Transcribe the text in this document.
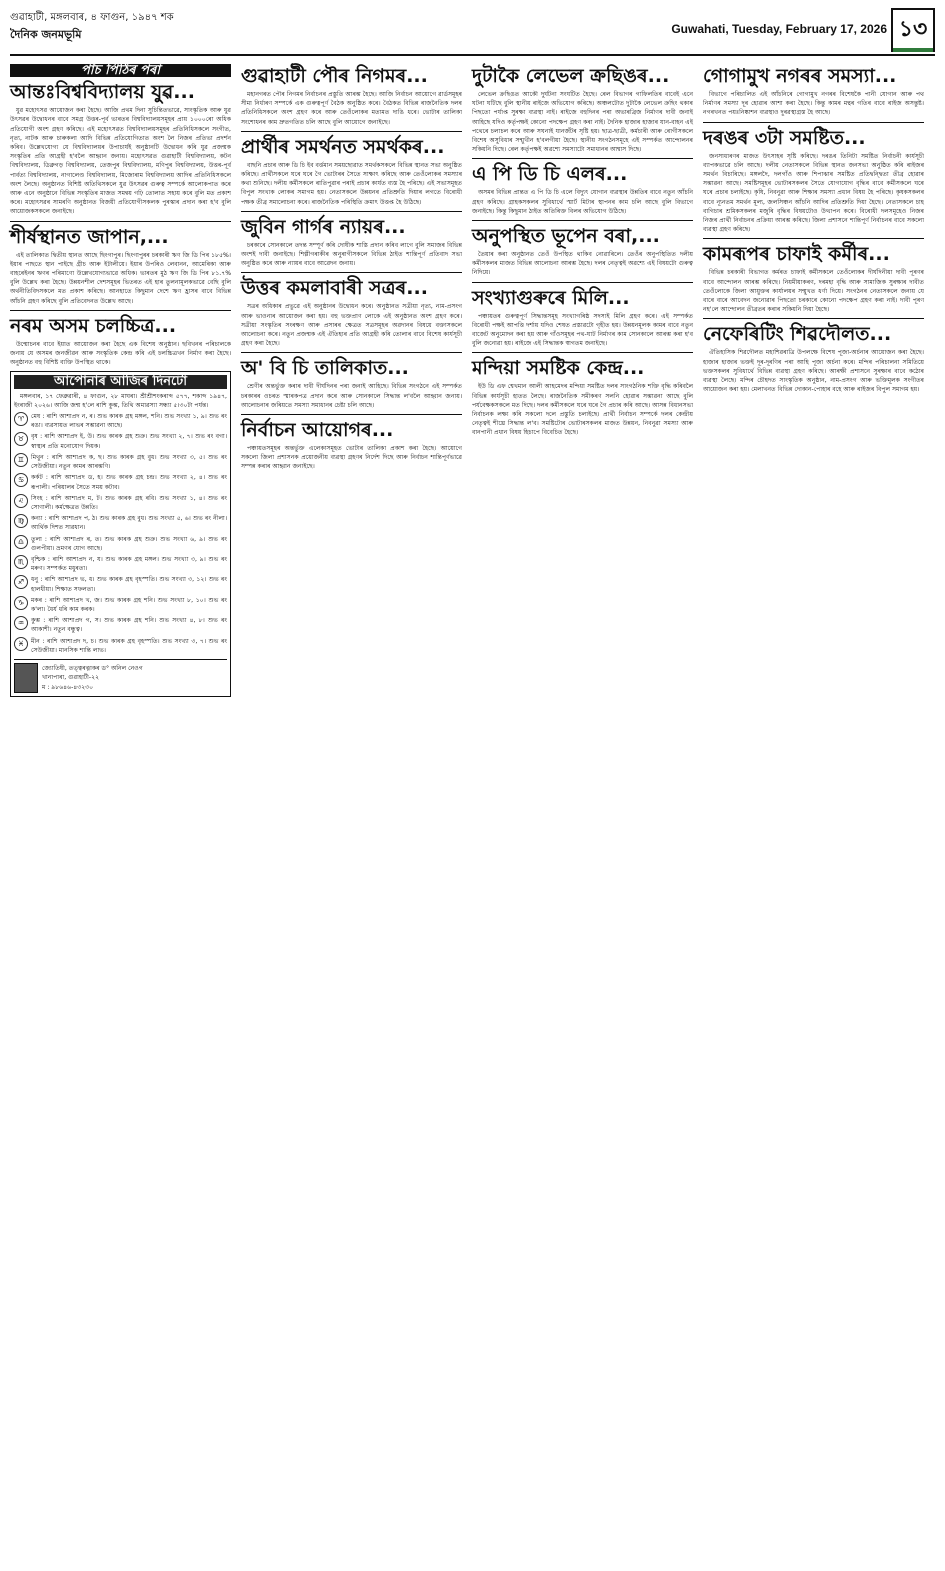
গুৱাহাটী, মঙ্গলবাৰ, ৪ ফাগুন, ১৯৪৭ শক
দৈনিক জনমভূমি	Guwahati, Tuesday, February 17, 2026 ১৩
পাঁচ পিঠিৰ পৰা
আন্তঃবিশ্ববিদ্যালয় যুৱ...

যুৱ মহোৎসৱ আয়োজন কৰা হৈছে। আজি প্ৰথম দিনা সুচিন্তিতভাৱে, সাংস্কৃতিক আৰু যুৱ উৎসৱৰ উদ্বোধনৰ বাবে সমগ্ৰ উত্তৰ-পূৰ্ব ভাৰতৰ বিশ্ববিদ্যালয়সমূহৰ প্ৰায় ১০০০ৰো অধিক প্ৰতিযোগী অংশ গ্ৰহণ কৰিছে। এই মহোৎসৱত বিশ্ববিদ্যালয়সমূহৰ প্ৰতিনিধিসকলে সংগীত, নৃত্য, নাটক আৰু চাৰুকলা আদি বিভিন্ন প্ৰতিযোগিতাত অংশ লৈ নিজৰ প্ৰতিভা প্ৰদৰ্শন কৰিব। উল্লেখযোগ্য যে বিশ্ববিদ্যালয়ৰ উপাচাৰ্যই অনুষ্ঠানটি উদ্বোধন কৰি যুৱ প্ৰজন্মক সংস্কৃতিৰ প্ৰতি আগ্ৰহী হ'বলৈ আহ্বান জনায়। মহোৎসৱত গুৱাহাটী বিশ্ববিদ্যালয়, কটন বিশ্ববিদ্যালয়, ডিব্ৰুগড় বিশ্ববিদ্যালয়, তেজপুৰ বিশ্ববিদ্যালয়, মণিপুৰ বিশ্ববিদ্যালয়, উত্তৰ-পূৰ্ব পাৰ্বত্য বিশ্ববিদ্যালয়, নাগালেণ্ড বিশ্ববিদ্যালয়, মিজোৰাম বিশ্ববিদ্যালয় আদিৰ প্ৰতিনিধিসকলে অংশ লৈছে। অনুষ্ঠানত বিশিষ্ট অতিথিসকলে যুৱ উৎসৱৰ গুৰুত্ব সম্পৰ্কে আলোকপাত কৰে আৰু এনে অনুষ্ঠানে বিভিন্ন সংস্কৃতিৰ মাজত সমন্বয় গঢ়ি তোলাত সহায় কৰে বুলি মত প্ৰকাশ কৰে। মহোৎসৱৰ সামৰণি অনুষ্ঠানত বিজয়ী প্ৰতিযোগীসকলক পুৰস্কাৰ প্ৰদান কৰা হ'ব বুলি আয়োজকসকলে জনাইছে।

শীৰ্ষস্থানত জাপান,...

এই তালিকাত দ্বিতীয় স্থানত আছে ছিংগাপুৰ। ছিংগাপুৰৰ চৰকাৰী ঋণ জি ডি পিৰ ১৮৫%। ইয়াৰ পাছতে স্থান পাইছে গ্ৰীচ আৰু ইটালীয়ে। ইয়াৰ উপৰিও লেবানন, আমেৰিকা আৰু বাহৰেইনৰ ঋণৰ পৰিমাণো উল্লেখযোগ্যভাৱে অধিক। ভাৰতৰ মুঠ ঋণ জি ডি পিৰ ৮১.৭% বুলি উল্লেখ কৰা হৈছে। উন্নয়নশীল দেশসমূহৰ ভিতৰত এই হাৰ তুলনামূলকভাৱে বেছি বুলি অৰ্থনীতিবিদসকলে মত প্ৰকাশ কৰিছে। আনহাতে কিছুমান দেশে ঋণ হ্ৰাসৰ বাবে বিভিন্ন আঁচনি গ্ৰহণ কৰিছে বুলি প্ৰতিবেদনত উল্লেখ আছে।

নৰম অসম চলচ্চিত্ৰ...

উন্মোচনৰ বাবে ইয়াত আয়োজন কৰা হৈছে এক বিশেষ অনুষ্ঠান। ছবিখনৰ পৰিচালকে জনায় যে অসমৰ জনজীৱন আৰু সংস্কৃতিক কেন্দ্ৰ কৰি এই চলচ্চিত্ৰখন নিৰ্মাণ কৰা হৈছে। অনুষ্ঠানত বহু বিশিষ্ট ব্যক্তি উপস্থিত থাকে।

আপোনাৰ আজিৰ দিনটো

মঙ্গলবাৰ, ১৭ ফেব্ৰুৱাৰী, ৪ ফাগুন, ২৮ মাঘৰা। শ্ৰীশ্ৰীশংকৰাব্দ ৫৭৭, শকাব্দ ১৯৪৭, ইংৰাজী ২০২৬। আজি জন্ম হ'লে ৰাশি কুম্ভ, তিথি অমাৱস্যা সন্ধ্যা ৫।৩০টা পৰ্যন্ত।

♈	মেষ : ৰাশি আশাপ্ৰদ ন, ৰ। শুভ কাৰক গ্ৰহ মঙ্গল, শনি। শুভ সংখ্যা ১, ৯। শুভ ৰং ৰঙা। ব্যৱসায়ত লাভৰ সম্ভাৱনা আছে।
♉	বৃষ : ৰাশি আশাপ্ৰদ ই, উ। শুভ কাৰক গ্ৰহ শুক্ৰ। শুভ সংখ্যা ২, ৭। শুভ ৰং বগা। স্বাস্থ্যৰ প্ৰতি মনোযোগ দিয়ক।
♊	মিথুন : ৰাশি আশাপ্ৰদ ক, ছ। শুভ কাৰক গ্ৰহ বুধ। শুভ সংখ্যা ৩, ৫। শুভ ৰং সেউজীয়া। নতুন কামৰ আৰম্ভণি।
♋	কৰ্কট : ৰাশি আশাপ্ৰদ ড, হ। শুভ কাৰক গ্ৰহ চন্দ্ৰ। শুভ সংখ্যা ২, ৪। শুভ ৰং ৰূপালী। পৰিয়ালৰ সৈতে সময় কটাব।
♌	সিংহ : ৰাশি আশাপ্ৰদ ম, ট। শুভ কাৰক গ্ৰহ ৰবি। শুভ সংখ্যা ১, ৪। শুভ ৰং সোণালী। কৰ্মক্ষেত্ৰত উন্নতি।
♍	কন্যা : ৰাশি আশাপ্ৰদ প, ঠ। শুভ কাৰক গ্ৰহ বুধ। শুভ সংখ্যা ৫, ৬। শুভ ৰং নীলা। আৰ্থিক দিশত সাৱধান।
♎	তুলা : ৰাশি আশাপ্ৰদ ৰ, ত। শুভ কাৰক গ্ৰহ শুক্ৰ। শুভ সংখ্যা ৬, ৯। শুভ ৰং গুলপীয়া। ভ্ৰমণৰ যোগ আছে।
♏	বৃশ্চিক : ৰাশি আশাপ্ৰদ ন, য। শুভ কাৰক গ্ৰহ মঙ্গল। শুভ সংখ্যা ৩, ৯। শুভ ৰং মৰুণ। সম্পৰ্কত মধুৰতা।
♐	ধনু : ৰাশি আশাপ্ৰদ ভ, ধ। শুভ কাৰক গ্ৰহ বৃহস্পতি। শুভ সংখ্যা ৩, ১২। শুভ ৰং হালধীয়া। শিক্ষাত সফলতা।
♑	মকৰ : ৰাশি আশাপ্ৰদ খ, জ। শুভ কাৰক গ্ৰহ শনি। শুভ সংখ্যা ৮, ১০। শুভ ৰং ক'লা। ধৈৰ্য ধৰি কাম কৰক।
♒	কুম্ভ : ৰাশি আশাপ্ৰদ গ, স। শুভ কাৰক গ্ৰহ শনি। শুভ সংখ্যা ৪, ৮। শুভ ৰং আকাশী। নতুন বন্ধুত্ব।
♓	মীন : ৰাশি আশাপ্ৰদ দ, চ। শুভ কাৰক গ্ৰহ বৃহস্পতি। শুভ সংখ্যা ৩, ৭। শুভ ৰং সেউজীয়া। মানসিক শান্তি লাভ।
জ্যোতিষী, তত্ত্বৰত্নাকৰ ড° অনিল নেওগ
খানাপাৰা, গুৱাহাটী-২২
ম : ৯৮৬৪৬-৪৩২৩০
গুৱাহাটী পৌৰ নিগমৰ...

মহানগৰত পৌৰ নিগমৰ নিৰ্বাচনৰ প্ৰস্তুতি আৰম্ভ হৈছে। আজি নিৰ্বাচন আয়োগে ৱাৰ্ডসমূহৰ সীমা নিৰ্ধাৰণ সম্পৰ্কে এক গুৰুত্বপূৰ্ণ বৈঠক অনুষ্ঠিত কৰে। বৈঠকত বিভিন্ন ৰাজনৈতিক দলৰ প্ৰতিনিধিসকলে অংশ গ্ৰহণ কৰে আৰু তেওঁলোকৰ মতামত দাঙি ধৰে। ভোটাৰ তালিকা সংশোধনৰ কাম দ্ৰুতগতিত চলি আছে বুলি আয়োগে জনাইছে।

প্ৰাৰ্থীৰ সমৰ্থনত সমৰ্থকৰ...

বাছনি প্ৰচাৰ আৰু ডি চি ইব বৰ্ত্তমান সময়ছোৱাত সমৰ্থকসকলে বিভিন্ন স্থানত সভা অনুষ্ঠিত কৰিছে। প্ৰাৰ্থীসকলে ঘৰে ঘৰে গৈ ভোটাৰৰ সৈতে সাক্ষাৎ কৰিছে আৰু তেওঁলোকৰ সমস্যাৰ কথা শুনিছে। দলীয় কৰ্মীসকলে ৰাতিপুৱাৰ পৰাই প্ৰচাৰ কাৰ্যত ব্যস্ত হৈ পৰিছে। এই সভাসমূহত বিপুল সংখ্যক লোকৰ সমাগম হয়। নেতাসকলে উন্নয়নৰ প্ৰতিশ্ৰুতি দিয়াৰ লগতে বিৰোধী পক্ষক তীব্ৰ সমালোচনা কৰে। ৰাজনৈতিক পৰিস্থিতি ক্ৰমাৎ উত্তপ্ত হৈ উঠিছে।

জুবিন গাৰ্গৰ ন্যায়ৰ...

চৰকাৰে সোনকালে তদন্ত সম্পূৰ্ণ কৰি দোষীক শাস্তি প্ৰদান কৰিব লাগে বুলি সমাজৰ বিভিন্ন অংশই দাবী জনাইছে। শিল্পীগৰাকীৰ অনুৰাগীসকলে বিভিন্ন ঠাইত শান্তিপূৰ্ণ প্ৰতিবাদ সভা অনুষ্ঠিত কৰে আৰু ন্যায়ৰ বাবে আৱেদন জনায়।

উত্তৰ কমলাবাৰী সত্ৰৰ...

সত্ৰৰ অধিকাৰ প্ৰভুৱে এই অনুষ্ঠানৰ উদ্বোধন কৰে। অনুষ্ঠানত সত্ৰীয়া নৃত্য, নাম-প্ৰসংগ আৰু ভাওনাৰ আয়োজন কৰা হয়। বহু ভক্তপ্ৰাণ লোকে এই অনুষ্ঠানত অংশ গ্ৰহণ কৰে। সত্ৰীয়া সংস্কৃতিৰ সংৰক্ষণ আৰু প্ৰসাৰৰ ক্ষেত্ৰত সত্ৰসমূহৰ অৱদানৰ বিষয়ে বক্তাসকলে আলোচনা কৰে। নতুন প্ৰজন্মক এই ঐতিহ্যৰ প্ৰতি আগ্ৰহী কৰি তোলাৰ বাবে বিশেষ কাৰ্যসূচী গ্ৰহণ কৰা হৈছে।

অ' বি চি তালিকাত...

শ্ৰেণীৰ অন্তৰ্ভুক্ত কৰাৰ দাবী দীৰ্ঘদিনৰ পৰা জনাই আহিছে। বিভিন্ন সংগঠনে এই সম্পৰ্কত চৰকাৰৰ ওচৰত স্মাৰকপত্ৰ প্ৰদান কৰে আৰু সোনকালে সিদ্ধান্ত ল'বলৈ আহ্বান জনায়। আলোচনাৰ জৰিয়তে সমস্যা সমাধানৰ চেষ্টা চলি আছে।

নিৰ্বাচন আয়োগৰ...

পঞ্চায়তসমূহৰ অন্তৰ্ভুক্ত এলেকাসমূহত ভোটাৰ তালিকা প্ৰকাশ কৰা হৈছে। আয়োগে সকলো জিলা প্ৰশাসনক প্ৰয়োজনীয় ব্যৱস্থা গ্ৰহণৰ নিৰ্দেশ দিছে আৰু নিৰ্বাচন শান্তিপূৰ্ণভাৱে সম্পন্ন কৰাৰ আহ্বান জনাইছে।

দুটাকৈ লেভেল ক্ৰছিঙৰ...

লেভেল ক্ৰছিঙত আকৌ দুৰ্ঘটনা সংঘটিত হৈছে। ৰেল বিভাগৰ গাফিলতিৰ বাবেই এনে ঘটনা ঘটিছে বুলি স্থানীয় ৰাইজে অভিযোগ কৰিছে। অঞ্চলটোত দুটাকৈ লেভেল ক্ৰছিং থকাৰ পিছতো পৰ্যাপ্ত সুৰক্ষা ব্যৱস্থা নাই। ৰাইজে বহুদিনৰ পৰা অভাৰব্ৰিজ নিৰ্মাণৰ দাবী জনাই আহিছে যদিও কৰ্তৃপক্ষই কোনো পদক্ষেপ গ্ৰহণ কৰা নাই। দৈনিক হাজাৰ হাজাৰ যান-বাহন এই পথেৰে চলাচল কৰে আৰু সঘনাই যানজঁটৰ সৃষ্টি হয়। ছাত্ৰ-ছাত্ৰী, কৰ্মচাৰী আৰু ৰোগীসকলে বিশেষ অসুবিধাৰ সন্মুখীন হ'বলগীয়া হৈছে। স্থানীয় সংগঠনসমূহে এই সম্পৰ্কত আন্দোলনৰ সকিয়নি দিছে। ৰেল কৰ্তৃপক্ষই অৱশ্যে সমস্যাটো সমাধানৰ আশ্বাস দিছে।

এ পি ডি চি এলৰ...

অসমৰ বিভিন্ন প্ৰান্তত এ পি ডি চি এলে বিদ্যুৎ যোগান ব্যৱস্থাৰ উন্নতিৰ বাবে নতুন আঁচনি গ্ৰহণ কৰিছে। গ্ৰাহকসকলৰ সুবিধাৰ্থে স্মাৰ্ট মিটাৰ স্থাপনৰ কাম চলি আছে বুলি বিভাগে জনাইছে। কিন্তু কিছুমান ঠাইত অতিৰিক্ত বিলৰ অভিযোগ উঠিছে।

অনুপস্থিত ভূপেন বৰা,...

তৈয়াৰ কৰা অনুষ্ঠানত তেওঁ উপস্থিত থাকিব নোৱাৰিলে। তেওঁৰ অনুপস্থিতিত দলীয় কৰ্মীসকলৰ মাজত বিভিন্ন আলোচনা আৰম্ভ হৈছে। দলৰ নেতৃত্বই অৱশ্যে এই বিষয়টো গুৰুত্ব নিদিয়ে।

সংখ্যাগুৰুৰে মিলি...

পঞ্চায়তৰ গুৰুত্বপূৰ্ণ সিদ্ধান্তসমূহ সংখ্যাগৰিষ্ঠ সদস্যই মিলি গ্ৰহণ কৰে। এই সম্পৰ্কত বিৰোধী পক্ষই আপত্তি দৰ্শায় যদিও শেষত প্ৰস্তাৱটো গৃহীত হয়। উন্নয়নমূলক কামৰ বাবে নতুন বাজেট অনুমোদন কৰা হয় আৰু গাঁওসমূহৰ পথ-ঘাট নিৰ্মাণৰ কাম সোনকালে আৰম্ভ কৰা হ'ব বুলি জনোৱা হয়। ৰাইজে এই সিদ্ধান্তক স্বাগতম জনাইছে।

মন্দিয়া সমষ্টিক কেন্দ্ৰ...

ইউ ডি এফ শ্বেখমান আলী আহমেদৰ মন্দিয়া সমষ্টিত দলৰ সাংগঠনিক শক্তি বৃদ্ধি কৰিবলৈ বিভিন্ন কাৰ্যসূচী হাতত লৈছে। ৰাজনৈতিক সমীকৰণ সলনি হোৱাৰ সম্ভাৱনা আছে বুলি পৰ্যবেক্ষকসকলে মত দিছে। দলৰ কৰ্মীসকলে ঘৰে ঘৰে গৈ প্ৰচাৰ কৰি আছে। আসন্ন বিধানসভা নিৰ্বাচনক লক্ষ্য কৰি সকলো দলে প্ৰস্তুতি চলাইছে। প্ৰাৰ্থী নিৰ্বাচন সম্পৰ্কে দলৰ কেন্দ্ৰীয় নেতৃত্বই শীঘ্ৰে সিদ্ধান্ত ল'ব। সমষ্টিটোৰ ভোটাৰসকলৰ মাজত উন্নয়ন, নিবনুৱা সমস্যা আৰু বানপানী প্ৰধান বিষয় হিচাপে বিবেচিত হৈছে।

গোগামুখ নগৰৰ সমস্যা...

বিভাগে পৰিচালিত এই আঁচনিৰে গোগামুখ নগৰৰ বিশেষকৈ পানী যোগান আৰু পথ নিৰ্মাণৰ সমস্যা দূৰ হোৱাৰ আশা কৰা হৈছে। কিন্তু কামৰ মন্থৰ গতিৰ বাবে ৰাইজ অসন্তুষ্ট। নগৰখনত পয়ঃনিষ্কাশন ব্যৱস্থাও দুৰৱস্থাগ্ৰস্ত হৈ আছে।

দৰঙৰ ৩টা সমষ্টিত...

জনসাধাৰণৰ মাজত উৎসাহৰ সৃষ্টি কৰিছে। দৰঙৰ তিনিটা সমষ্টিত নিৰ্বাচনী কাৰ্যসূচী ব্যাপকভাৱে চলি আছে। দলীয় নেতাসকলে বিভিন্ন স্থানত জনসভা অনুষ্ঠিত কৰি ৰাইজৰ সমৰ্থন বিচাৰিছে। মঙ্গলদৈ, দলগাঁও আৰু শিপাঝাৰ সমষ্টিত প্ৰতিদ্বন্দ্বিতা তীব্ৰ হোৱাৰ সম্ভাৱনা আছে। সমষ্টিসমূহৰ ভোটাৰসকলৰ সৈতে যোগাযোগ বৃদ্ধিৰ বাবে কৰ্মীসকলে ঘৰে ঘৰে প্ৰচাৰ চলাইছে। কৃষি, নিবনুৱা আৰু শিক্ষাৰ সমস্যা প্ৰধান বিষয় হৈ পৰিছে। কৃষকসকলৰ বাবে ন্যূনতম সমৰ্থন মূল্য, জলসিঞ্চন আঁচনি আদিৰ প্ৰতিশ্ৰুতি দিয়া হৈছে। নেতাসকলে চাহ বাগিচাৰ শ্ৰমিকসকলৰ মজুৰি বৃদ্ধিৰ বিষয়টোও উত্থাপন কৰে। বিৰোধী দলসমূহেও নিজৰ নিজৰ প্ৰাৰ্থী নিৰ্বাচনৰ প্ৰক্ৰিয়া আৰম্ভ কৰিছে। জিলা প্ৰশাসনে শান্তিপূৰ্ণ নিৰ্বাচনৰ বাবে সকলো ব্যৱস্থা গ্ৰহণ কৰিছে।

কামৰূপৰ চাফাই কৰ্মীৰ...

বিভিন্ন চৰকাৰী বিভাগত কৰ্মৰত চাফাই কৰ্মীসকলে তেওঁলোকৰ দীৰ্ঘদিনীয়া দাবী পূৰণৰ বাবে আন্দোলন আৰম্ভ কৰিছে। নিয়মীয়াকৰণ, দৰমহা বৃদ্ধি আৰু সামাজিক সুৰক্ষাৰ দাবীত তেওঁলোকে জিলা আয়ুক্তৰ কাৰ্যালয়ৰ সন্মুখত ধৰ্ণা দিয়ে। সংগঠনৰ নেতাসকলে জনায় যে বাৰে বাৰে আবেদন জনোৱাৰ পিছতো চৰকাৰে কোনো পদক্ষেপ গ্ৰহণ কৰা নাই। দাবী পূৰণ নহ'লে আন্দোলন তীব্ৰতৰ কৰাৰ সকিয়নি দিয়া হৈছে।

নেফেৰিটিং শিৱদৌলত...

ঐতিহাসিক শিৱদৌলত মহাশিৱৰাত্ৰি উপলক্ষে বিশেষ পূজা-অৰ্চনাৰ আয়োজন কৰা হৈছে। হাজাৰ হাজাৰ ভক্তই দূৰ-দূৰণিৰ পৰা আহি পূজা অৰ্চনা কৰে। মন্দিৰ পৰিচালনা সমিতিয়ে ভক্তসকলৰ সুবিধাৰ্থে বিভিন্ন ব্যৱস্থা গ্ৰহণ কৰিছে। আৰক্ষী প্ৰশাসনে সুৰক্ষাৰ বাবে কঠোৰ ব্যৱস্থা লৈছে। মন্দিৰ চৌহদত সাংস্কৃতিক অনুষ্ঠান, নাম-প্ৰসংগ আৰু ভক্তিমূলক সংগীতৰ আয়োজন কৰা হয়। মেলাখনত বিভিন্ন দোকান-পোহাৰ বহে আৰু ৰাইজৰ বিপুল সমাগম হয়।
